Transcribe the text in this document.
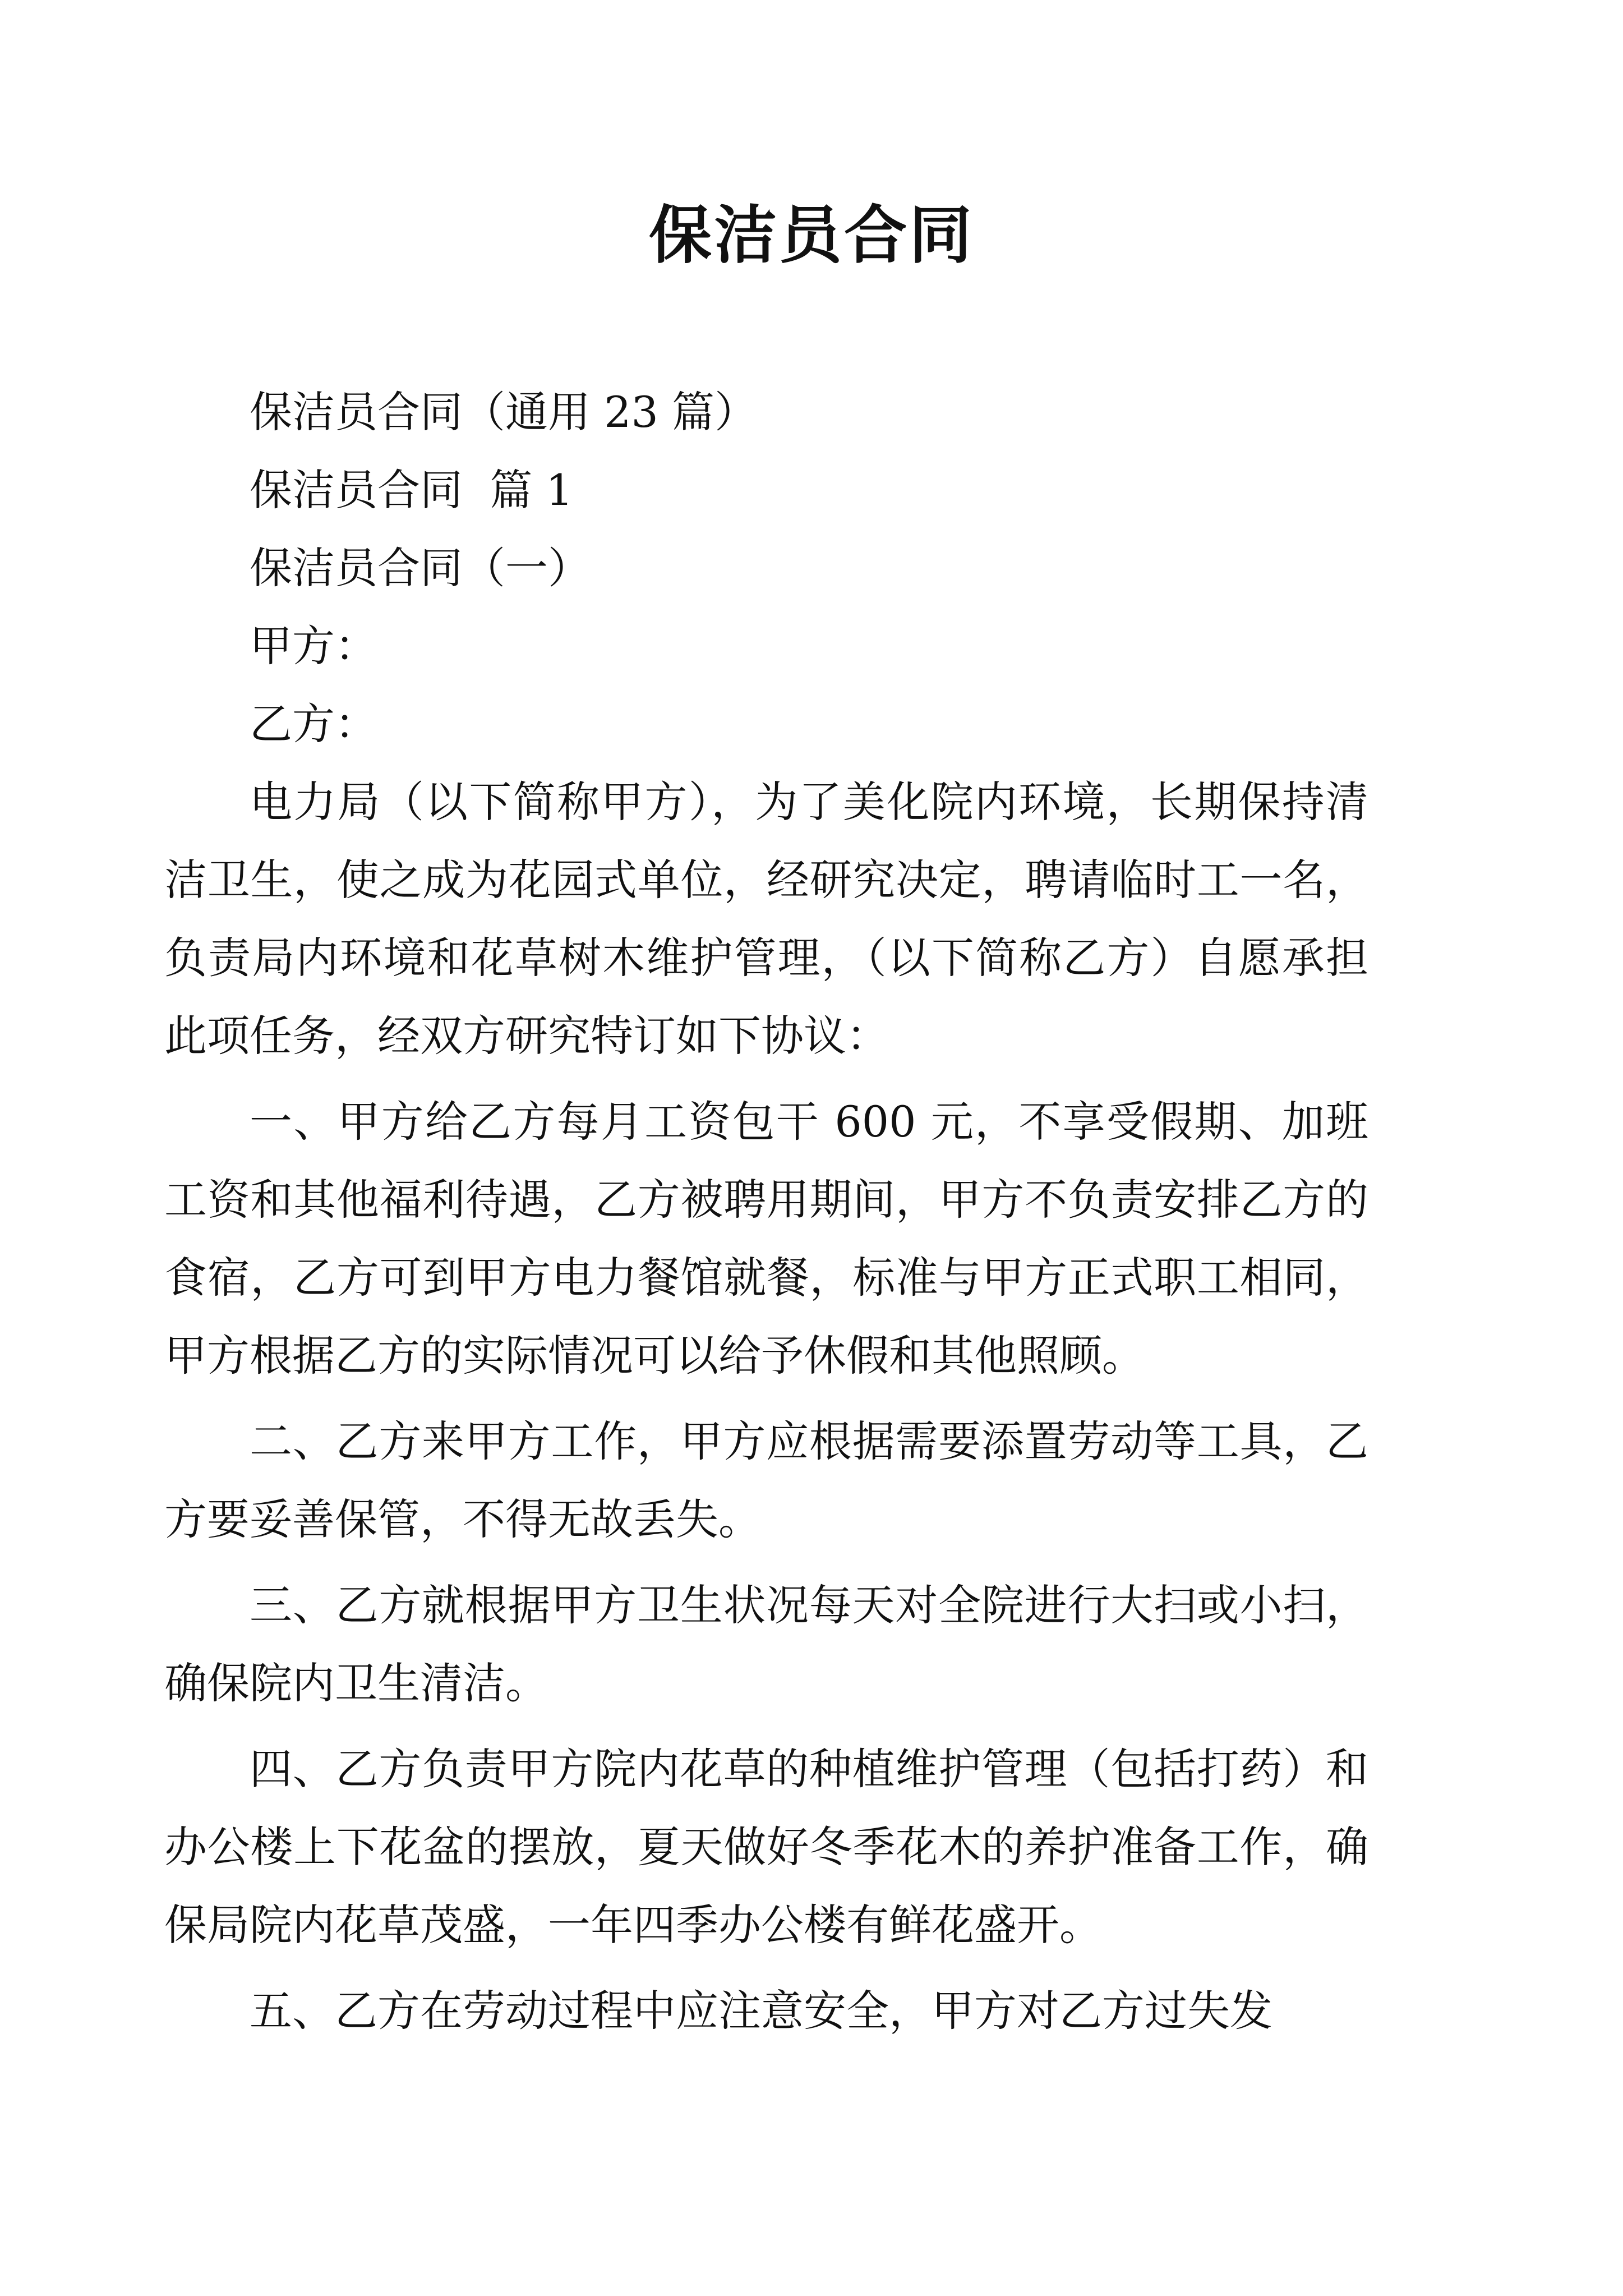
保洁员合同

保洁员合同（通用 23 篇）

保洁员合同  篇 1

保洁员合同（一）

甲方：

乙方：

电力局（以下简称甲方），为了美化院内环境，长期保持清洁卫生，使之成为花园式单位，经研究决定，聘请临时工一名，负责局内环境和花草树木维护管理，（以下简称乙方）自愿承担此项任务，经双方研究特订如下协议：

一、甲方给乙方每月工资包干 600 元，不享受假期、加班工资和其他福利待遇，乙方被聘用期间，甲方不负责安排乙方的食宿，乙方可到甲方电力餐馆就餐，标准与甲方正式职工相同，甲方根据乙方的实际情况可以给予休假和其他照顾。

二、乙方来甲方工作，甲方应根据需要添置劳动等工具，乙方要妥善保管，不得无故丢失。

三、乙方就根据甲方卫生状况每天对全院进行大扫或小扫，确保院内卫生清洁。

四、乙方负责甲方院内花草的种植维护管理（包括打药）和办公楼上下花盆的摆放，夏天做好冬季花木的养护准备工作，确保局院内花草茂盛，一年四季办公楼有鲜花盛开。

五、乙方在劳动过程中应注意安全，甲方对乙方过失发
